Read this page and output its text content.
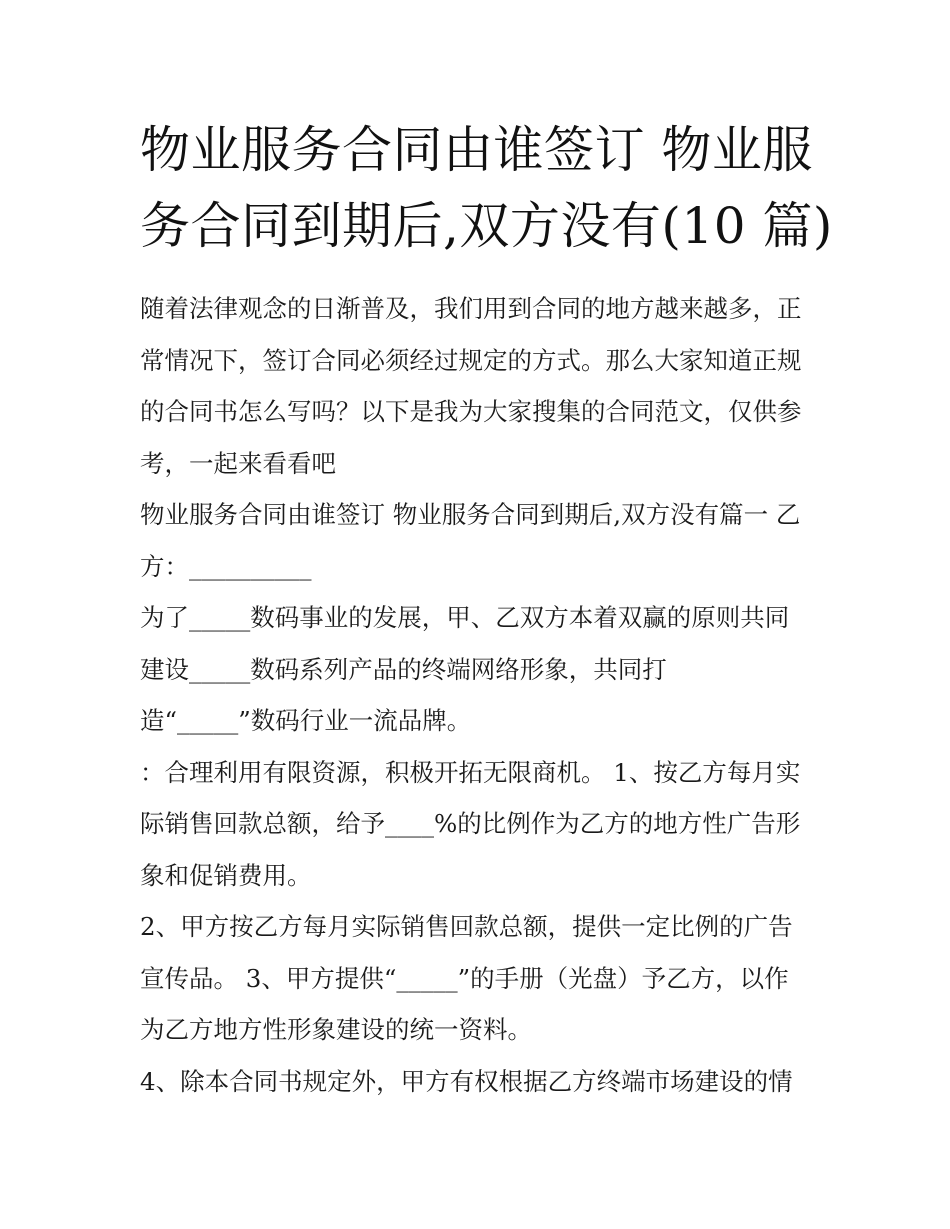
物业服务合同由谁签订 物业服
务合同到期后,双方没有(10 篇)
随着法律观念的日渐普及，我们用到合同的地方越来越多，正
常情况下，签订合同必须经过规定的方式。那么大家知道正规
的合同书怎么写吗？以下是我为大家搜集的合同范文，仅供参
考，一起来看看吧
物业服务合同由谁签订 物业服务合同到期后,双方没有篇一 乙
方：__________
为了_____数码事业的发展，甲、乙双方本着双赢的原则共同
建设_____数码系列产品的终端网络形象，共同打
造“_____”数码行业一流品牌。
：合理利用有限资源，积极开拓无限商机。 1、按乙方每月实
际销售回款总额，给予____%的比例作为乙方的地方性广告形
象和促销费用。
2、甲方按乙方每月实际销售回款总额，提供一定比例的广告
宣传品。 3、甲方提供“_____”的手册（光盘）予乙方，以作
为乙方地方性形象建设的统一资料。
4、除本合同书规定外，甲方有权根据乙方终端市场建设的情
